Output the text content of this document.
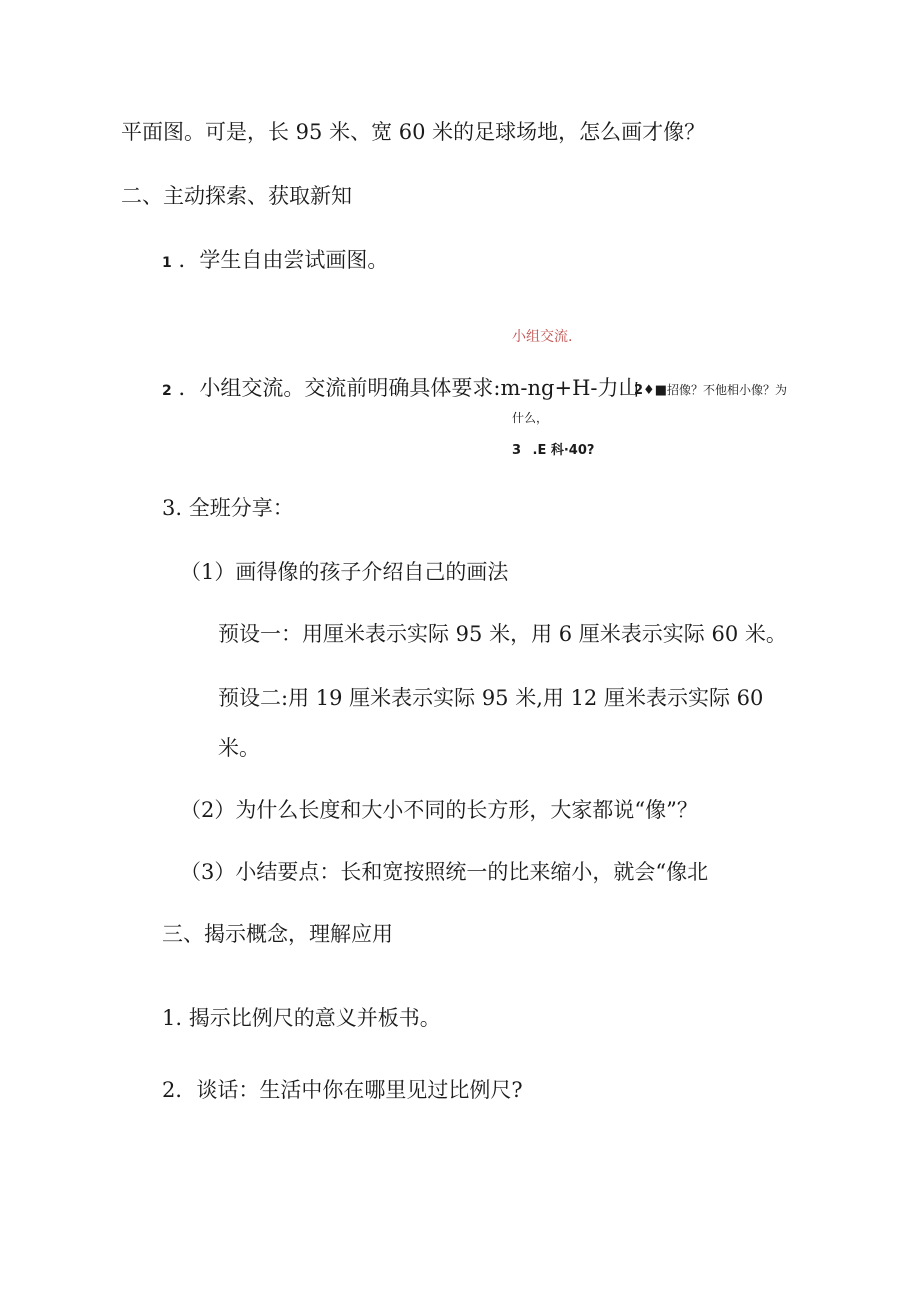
平面图。可是，长 95 米、宽 60 米的足球场地，怎么画才像？
二、主动探索、获取新知
1 ．学生自由尝试画图。
小组交流.
2 ．小组交流。交流前明确具体要求:m-ng+H-力山
2♦■招像？不他相小像？为
什么，
3 .E 科·40?
3. 全班分享：
（1）画得像的孩子介绍自己的画法
预设一：用厘米表示实际 95 米，用 6 厘米表示实际 60 米。
预设二:用 19 厘米表示实际 95 米,用 12 厘米表示实际 60
米。
（2）为什么长度和大小不同的长方形，大家都说“像”？
（3）小结要点：长和宽按照统一的比来缩小，就会“像北
三、揭示概念，理解应用
1. 揭示比例尺的意义并板书。
2．谈话：生活中你在哪里见过比例尺?
